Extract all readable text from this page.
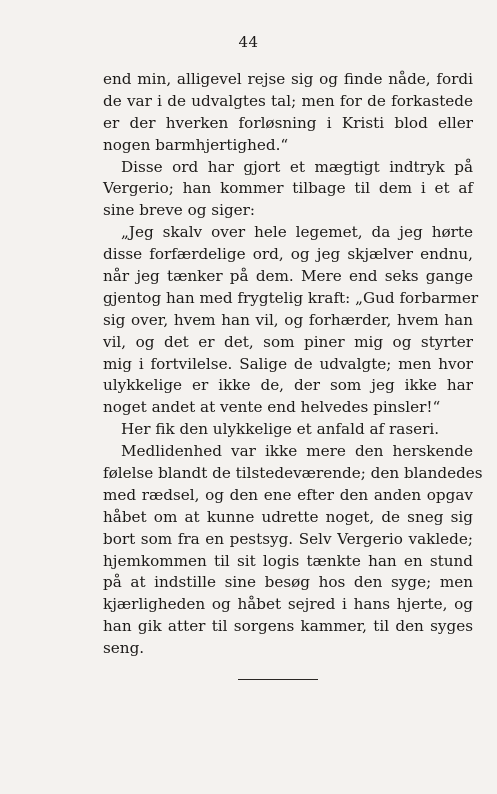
44
end min, alligevel rejse sig og finde nåde, fordi
de var i de udvalgtes tal; men for de forkastede
er der hverken forløsning i Kristi blod eller
nogen barmhjertighed.“
Disse ord har gjort et mægtigt indtryk på
Vergerio; han kommer tilbage til dem i et af
sine breve og siger:
„Jeg skalv over hele legemet, da jeg hørte
disse forfærdelige ord, og jeg skjælver endnu,
når jeg tænker på dem. Mere end seks gange
gjentog han med frygtelig kraft: „Gud forbarmer
sig over, hvem han vil, og forhærder, hvem han
vil, og det er det, som piner mig og styrter
mig i fortvilelse. Salige de udvalgte; men hvor
ulykkelige er ikke de, der som jeg ikke har
noget andet at vente end helvedes pinsler!“
Her fik den ulykkelige et anfald af raseri.
Medlidenhed var ikke mere den herskende
følelse blandt de tilstedeværende; den blandedes
med rædsel, og den ene efter den anden opgav
håbet om at kunne udrette noget, de sneg sig
bort som fra en pestsyg. Selv Vergerio vaklede;
hjemkommen til sit logis tænkte han en stund
på at indstille sine besøg hos den syge; men
kjærligheden og håbet sejred i hans hjerte, og
han gik atter til sorgens kammer, til den syges
seng.
